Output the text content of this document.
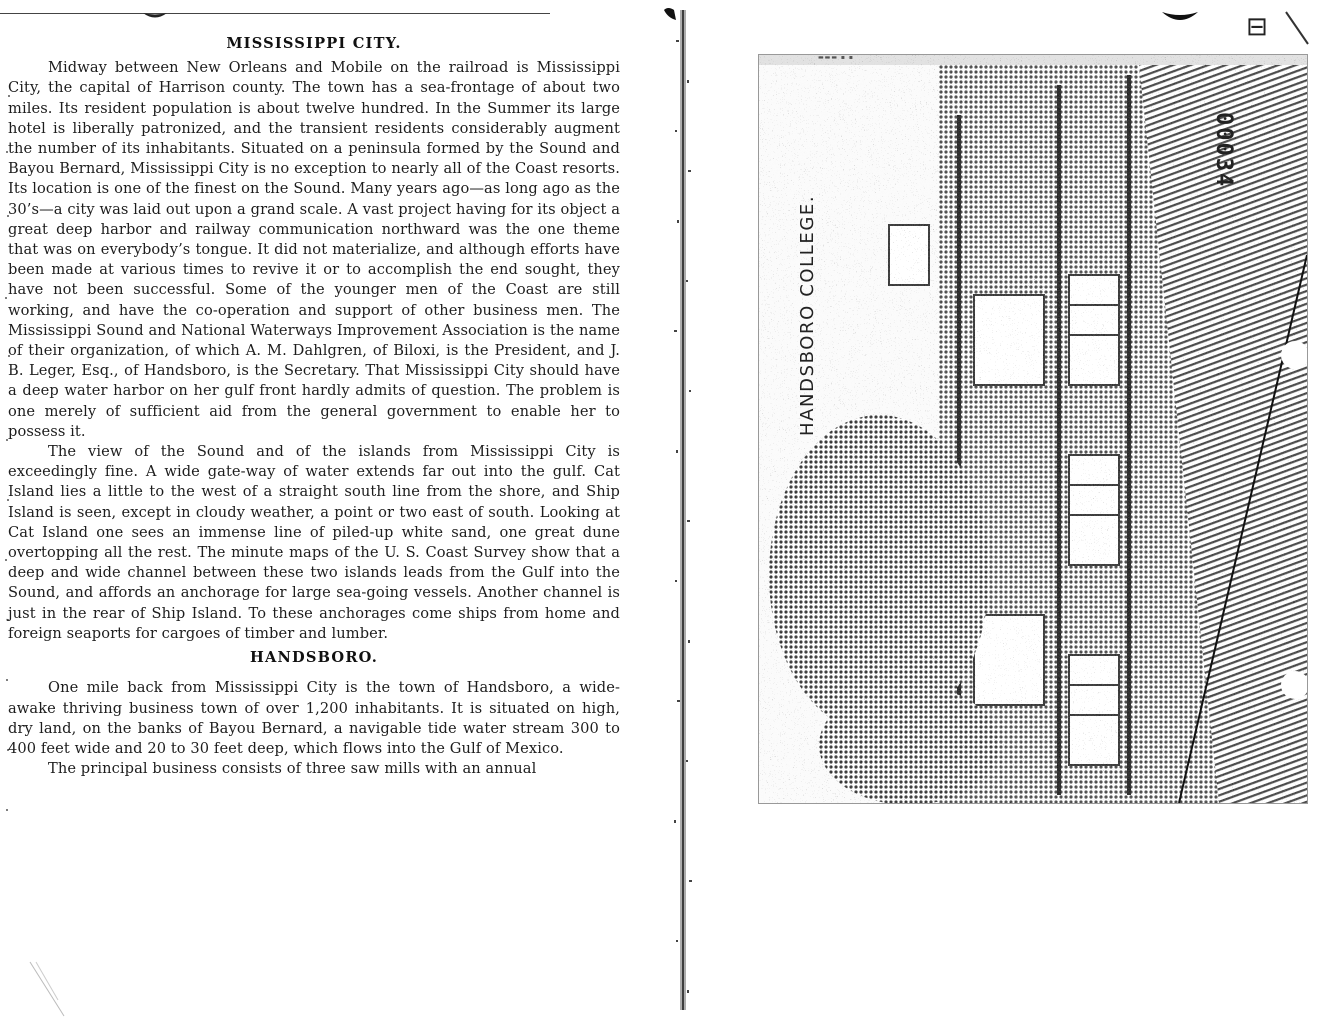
MISSISSIPPI CITY.

Midway between New Orleans and Mobile on the railroad is Mississippi City, the capital of Harrison county. The town has a sea-frontage of about two miles. Its resident population is about twelve hundred. In the Summer its large hotel is liberally patronized, and the transient residents considerably augment the number of its inhabitants. Situated on a peninsula formed by the Sound and Bayou Bernard, Mississippi City is no exception to nearly all of the Coast resorts. Its location is one of the finest on the Sound. Many years ago—as long ago as the 30’s—a city was laid out upon a grand scale. A vast project having for its object a great deep harbor and railway communication northward was the one theme that was on everybody’s tongue. It did not materialize, and although efforts have been made at various times to revive it or to accomplish the end sought, they have not been successful. Some of the younger men of the Coast are still working, and have the co-operation and support of other business men. The Mississippi Sound and National Waterways Improvement Association is the name of their organization, of which A. M. Dahlgren, of Biloxi, is the President, and J. B. Leger, Esq., of Handsboro, is the Secretary. That Mississippi City should have a deep water harbor on her gulf front hardly admits of question. The problem is one merely of sufficient aid from the general government to enable her to possess it.

The view of the Sound and of the islands from Mississippi City is exceedingly fine. A wide gate-way of water extends far out into the gulf. Cat Island lies a little to the west of a straight south line from the shore, and Ship Island is seen, except in cloudy weather, a point or two east of south. Looking at Cat Island one sees an immense line of piled-up white sand, one great dune overtopping all the rest. The minute maps of the U. S. Coast Survey show that a deep and wide channel between these two islands leads from the Gulf into the Sound, and affords an anchorage for large sea-going vessels. Another channel is just in the rear of Ship Island. To these anchorages come ships from home and foreign seaports for cargoes of timber and lumber.

HANDSBORO.

One mile back from Mississippi City is the town of Handsboro, a wide-awake thriving business town of over 1,200 inhabitants. It is situated on high, dry land, on the banks of Bayou Bernard, a navigable tide water stream 300 to 400 feet wide and 20 to 30 feet deep, which flows into the Gulf of Mexico.

The principal business consists of three saw mills with an annual

▬▬▬ ▪ ▪
HANDSBORO COLLEGE.
00034
⊟
